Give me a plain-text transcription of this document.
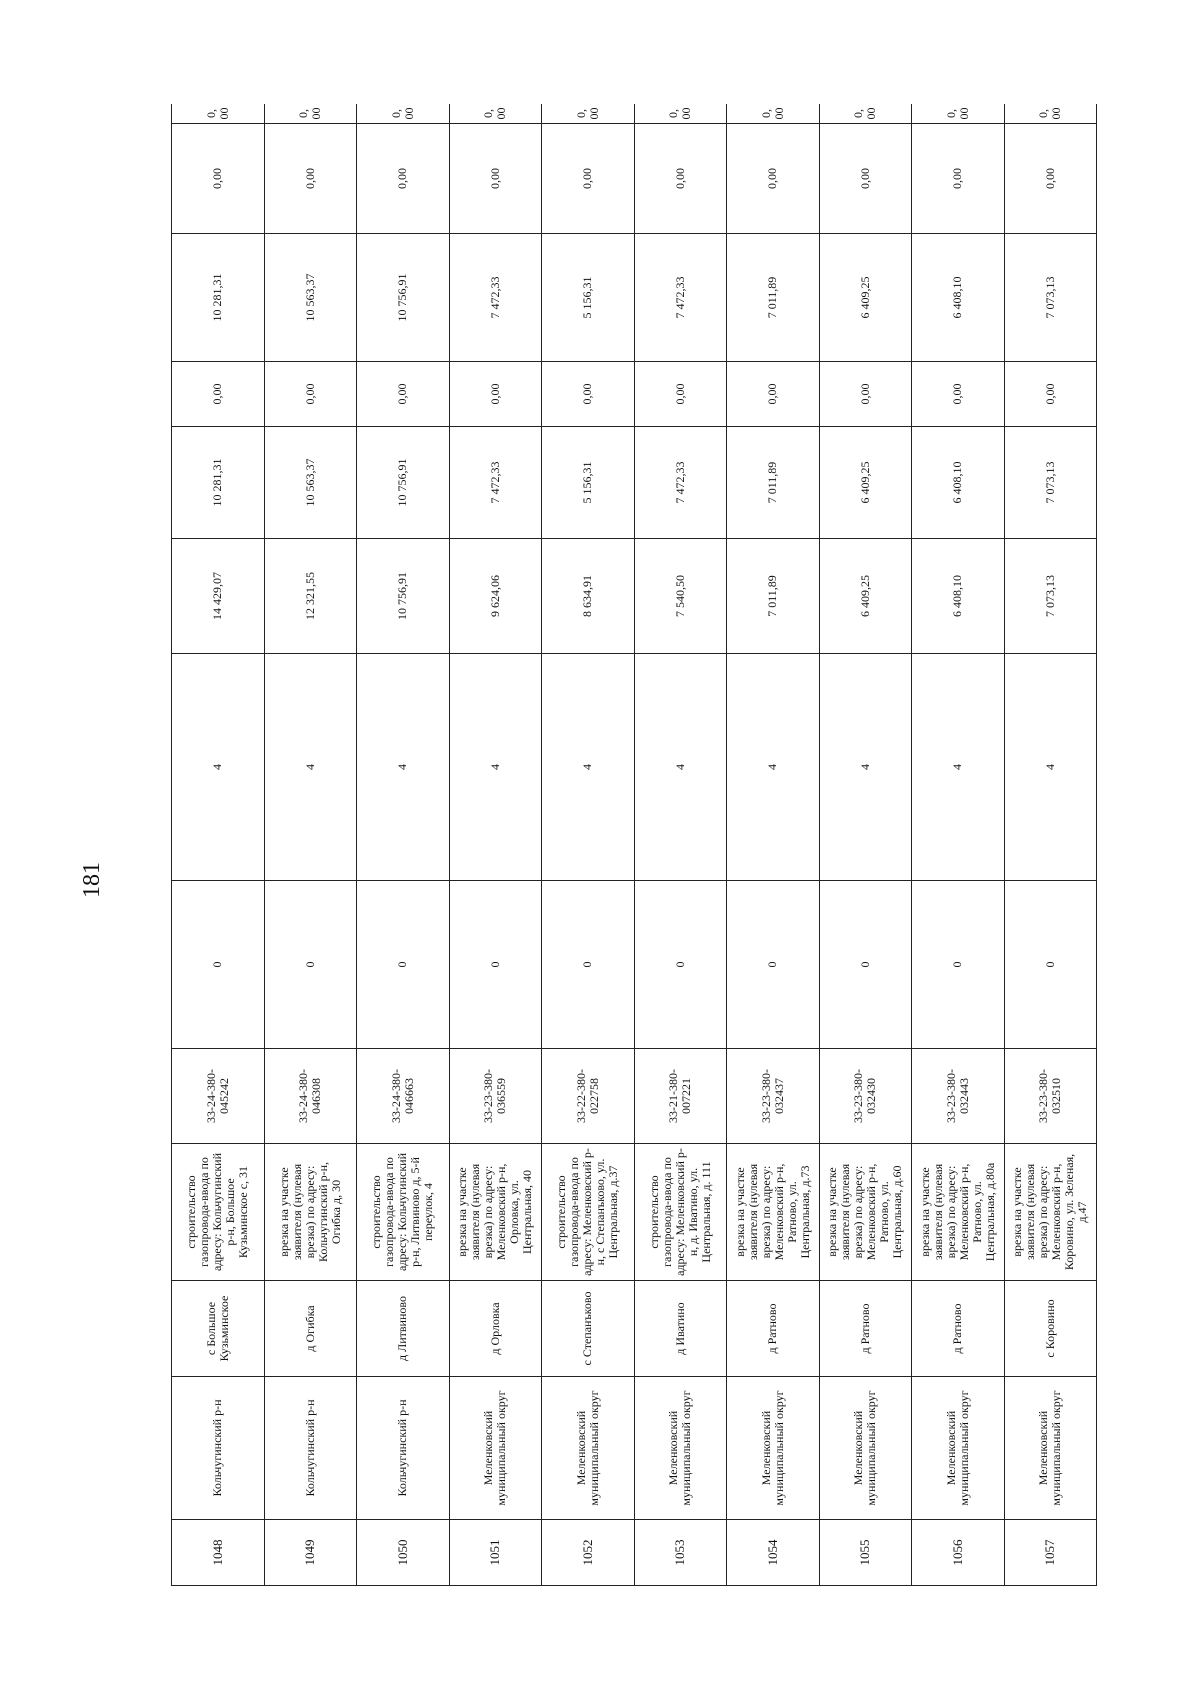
181
1048	Кольчугинский р-н	с Большое Кузьминское	строительство газопровода-ввода по адресу: Кольчугинский р-н, Большое Кузьминское с, 31	33-24-380-045242	0	4	14 429,07	10 281,31	0,00	10 281,31	0,00	0,00
1049	Кольчугинский р-н	д Огибка	врезка на участке заявителя (нулевая врезка) по адресу: Кольчугинский р-н, Огибка д, 30	33-24-380-046308	0	4	12 321,55	10 563,37	0,00	10 563,37	0,00	0,00
1050	Кольчугинский р-н	д Литвиново	строительство газопровода-ввода по адресу: Кольчугинский р-н, Литвиново д, 5-й переулок, 4	33-24-380-046663	0	4	10 756,91	10 756,91	0,00	10 756,91	0,00	0,00
1051	Меленковский муниципальный округ	д Орловка	врезка на участке заявителя (нулевая врезка) по адресу: Меленковский р-н, Орловка, ул. Центральная, 40	33-23-380-036559	0	4	9 624,06	7 472,33	0,00	7 472,33	0,00	0,00
1052	Меленковский муниципальный округ	с Степанъково	строительство газопровода-ввода по адресу: Меленковский р-н, с Степанъково, ул. Центральная, д.37	33-22-380-022758	0	4	8 634,91	5 156,31	0,00	5 156,31	0,00	0,00
1053	Меленковский муниципальный округ	д Иватино	строительство газопровода-ввода по адресу: Меленковский р-н, д. Иватино, ул. Центральная, д. 111	33-21-380-007221	0	4	7 540,50	7 472,33	0,00	7 472,33	0,00	0,00
1054	Меленковский муниципальный округ	д Ратново	врезка на участке заявителя (нулевая врезка) по адресу: Меленковский р-н, Ратново, ул. Центральная, д.73	33-23-380-032437	0	4	7 011,89	7 011,89	0,00	7 011,89	0,00	0,00
1055	Меленковский муниципальный округ	д Ратново	врезка на участке заявителя (нулевая врезка) по адресу: Меленковский р-н, Ратново, ул. Центральная, д.60	33-23-380-032430	0	4	6 409,25	6 409,25	0,00	6 409,25	0,00	0,00
1056	Меленковский муниципальный округ	д Ратново	врезка на участке заявителя (нулевая врезка) по адресу: Меленковский р-н, Ратново, ул. Центральная, д.80а	33-23-380-032443	0	4	6 408,10	6 408,10	0,00	6 408,10	0,00	0,00
1057	Меленковский муниципальный округ	с Коровино	врезка на участке заявителя (нулевая врезка) по адресу: Меленковский р-н, Коровино, ул. Зеленая, д.47	33-23-380-032510	0	4	7 073,13	7 073,13	0,00	7 073,13	0,00	0,00
